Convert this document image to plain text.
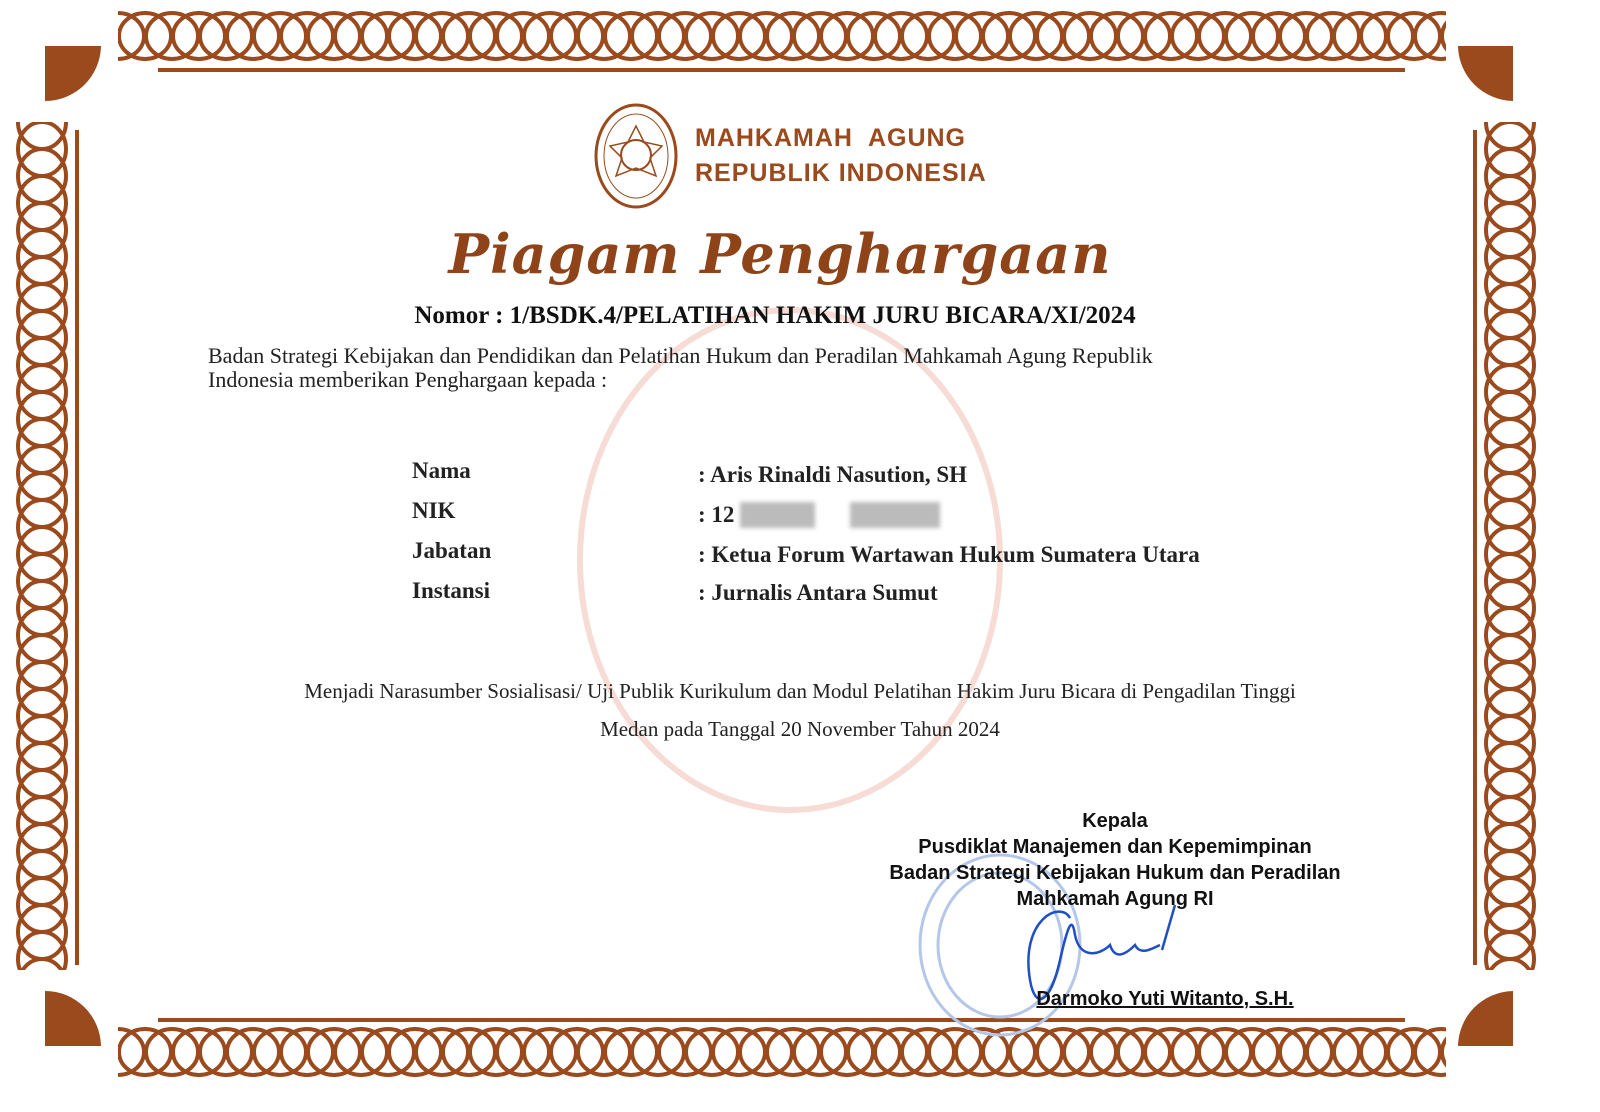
MAHKAMAH  AGUNG
REPUBLIK INDONESIA
Piagam Penghargaan
Nomor : 1/BSDK.4/PELATIHAN HAKIM JURU BICARA/XI/2024
Badan Strategi Kebijakan dan Pendidikan dan Pelatihan Hukum dan Peradilan Mahkamah Agung Republik
Indonesia memberikan Penghargaan kepada :
Nama	: Aris Rinaldi Nasution, SH
NIK	: 12
Jabatan	: Ketua Forum Wartawan Hukum Sumatera Utara
Instansi	: Jurnalis Antara Sumut
Menjadi Narasumber Sosialisasi/ Uji Publik Kurikulum dan Modul Pelatihan Hakim Juru Bicara di Pengadilan Tinggi
Medan pada Tanggal 20 November Tahun 2024
Kepala
Pusdiklat Manajemen dan Kepemimpinan
Badan Strategi Kebijakan Hukum dan Peradilan
Mahkamah Agung RI
Darmoko Yuti Witanto, S.H.
